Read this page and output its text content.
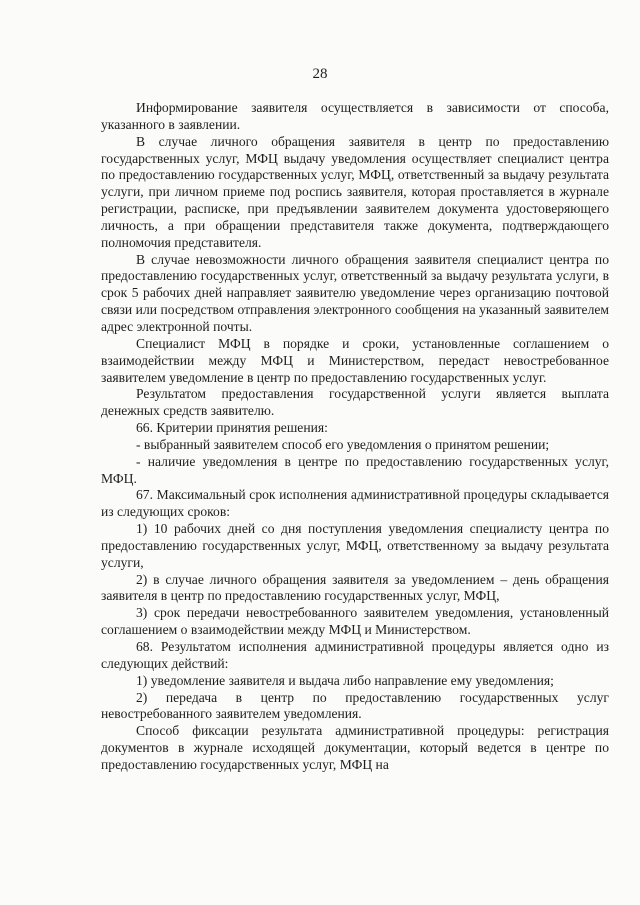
28

Информирование заявителя осуществляется в зависимости от способа, указанного в заявлении.

В случае личного обращения заявителя в центр по предоставлению государственных услуг, МФЦ выдачу уведомления осуществляет специалист центра по предоставлению государственных услуг, МФЦ, ответственный за выдачу результата услуги, при личном приеме под роспись заявителя, которая проставляется в журнале регистрации, расписке, при предъявлении заявителем документа удостоверяющего личность, а при обращении представителя также документа, подтверждающего полномочия представителя.

В случае невозможности личного обращения заявителя специалист центра по предоставлению государственных услуг, ответственный за выдачу результата услуги, в срок 5 рабочих дней направляет заявителю уведомление через организацию почтовой связи или посредством отправления электронного сообщения на указанный заявителем адрес электронной почты.

Специалист МФЦ в порядке и сроки, установленные соглашением о взаимодействии между МФЦ и Министерством, передаст невостребованное заявителем уведомление в центр по предоставлению государственных услуг.

Результатом предоставления государственной услуги является выплата денежных средств заявителю.

66. Критерии принятия решения:

- выбранный заявителем способ его уведомления о принятом решении;

- наличие уведомления в центре по предоставлению государственных услуг, МФЦ.

67. Максимальный срок исполнения административной процедуры складывается из следующих сроков:

1) 10 рабочих дней со дня поступления уведомления специалисту центра по предоставлению государственных услуг, МФЦ, ответственному за выдачу результата услуги,

2) в случае личного обращения заявителя за уведомлением – день обращения заявителя в центр по предоставлению государственных услуг, МФЦ,

3) срок передачи невостребованного заявителем уведомления, установленный соглашением о взаимодействии между МФЦ и Министерством.

68. Результатом исполнения административной процедуры является одно из следующих действий:

1) уведомление заявителя и выдача либо направление ему уведомления;

2) передача в центр по предоставлению государственных услуг невостребованного заявителем уведомления.

Способ фиксации результата административной процедуры: регистрация документов в журнале исходящей документации, который ведется в центре по предоставлению государственных услуг, МФЦ на
